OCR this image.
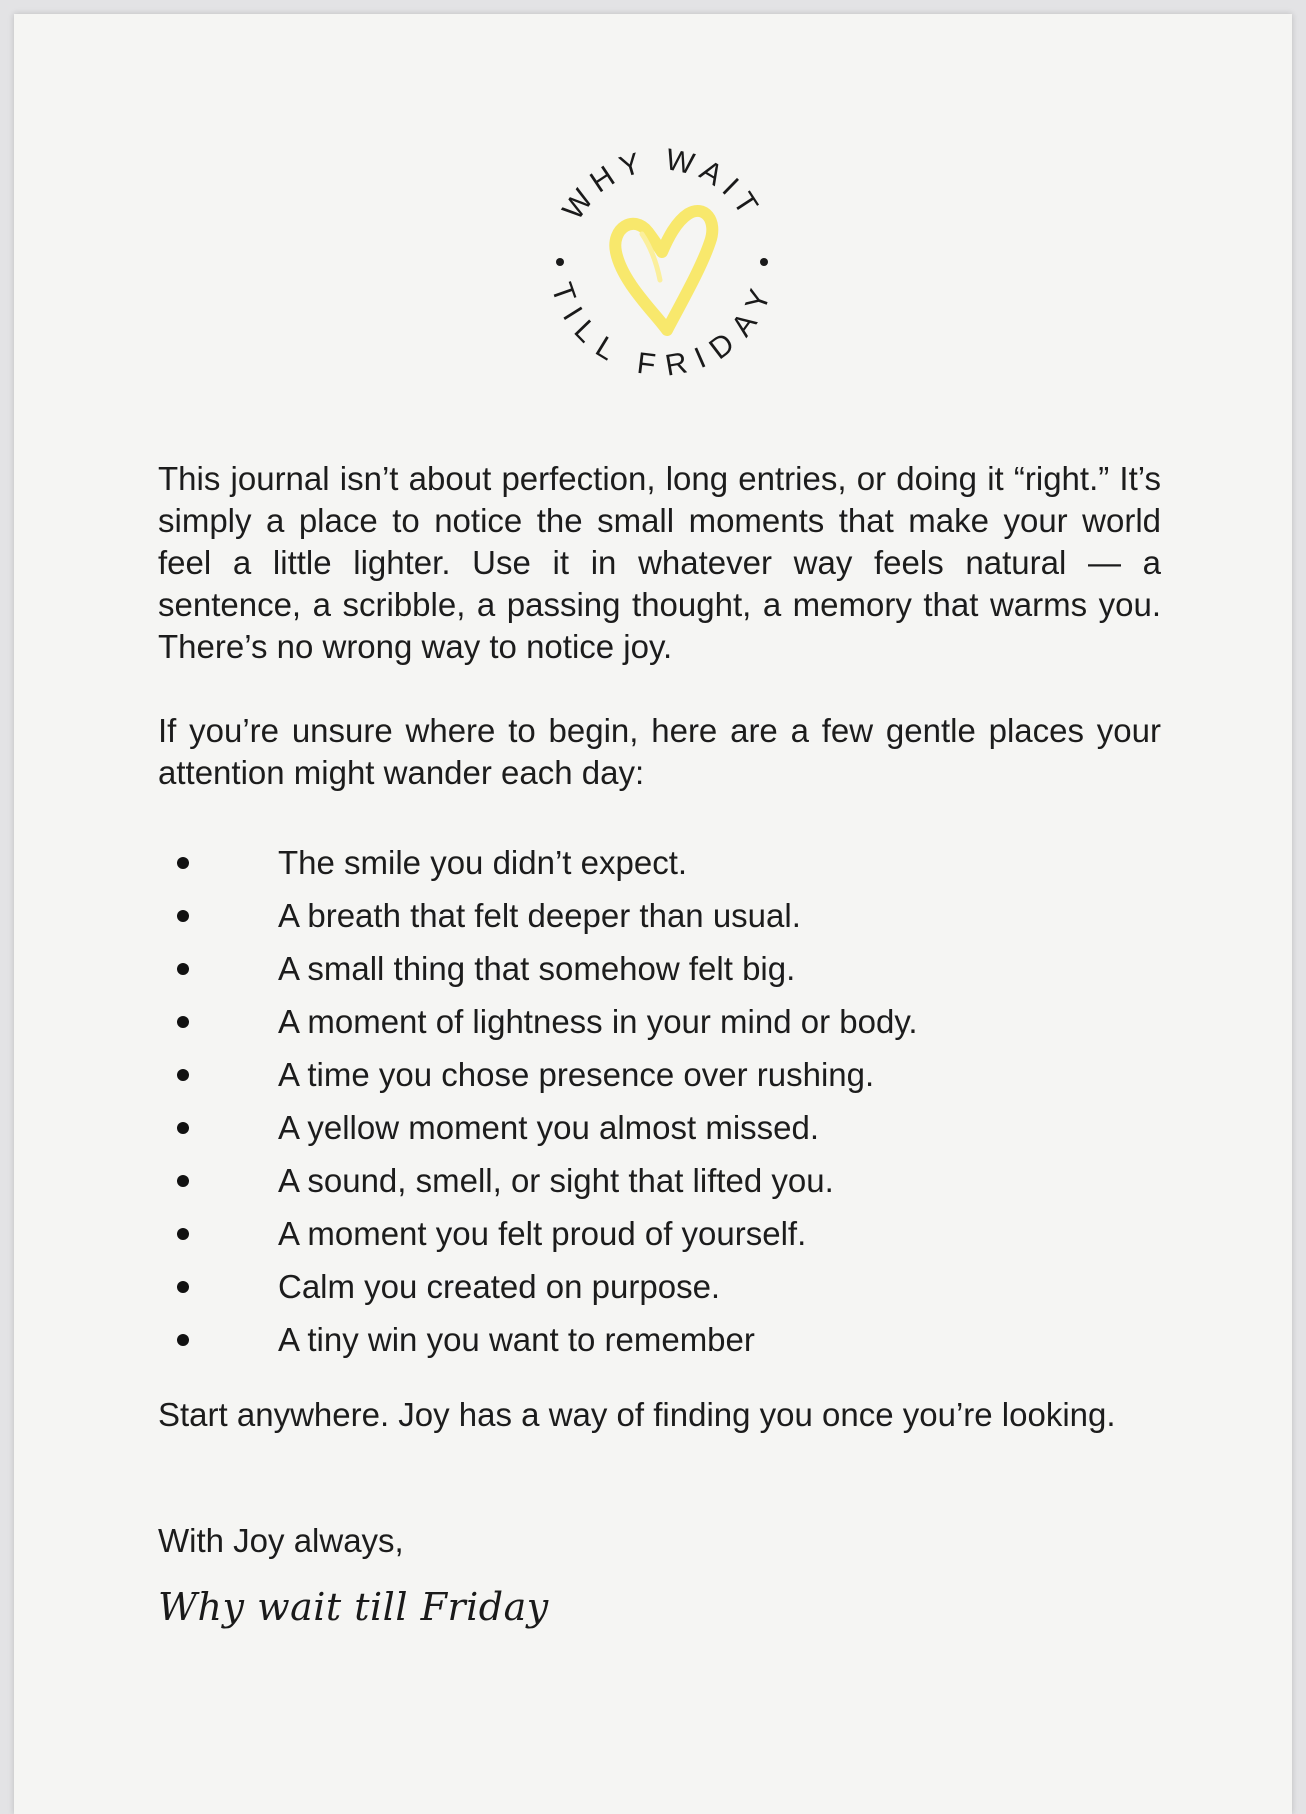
WHY WAIT
TILL FRIDAY

This journal isn’t about perfection, long entries, or doing it “right.” It’s simply a place to notice the small moments that make your world feel a little lighter. Use it in whatever way feels natural — a sentence, a scribble, a passing thought, a memory that warms you. There’s no wrong way to notice joy.

If you’re unsure where to begin, here are a few gentle places your attention might wander each day:

The smile you didn’t expect.
A breath that felt deeper than usual.
A small thing that somehow felt big.
A moment of lightness in your mind or body.
A time you chose presence over rushing.
A yellow moment you almost missed.
A sound, smell, or sight that lifted you.
A moment you felt proud of yourself.
Calm you created on purpose.
A tiny win you want to remember

Start anywhere. Joy has a way of finding you once you’re looking.

With Joy always,

Why wait till Friday
